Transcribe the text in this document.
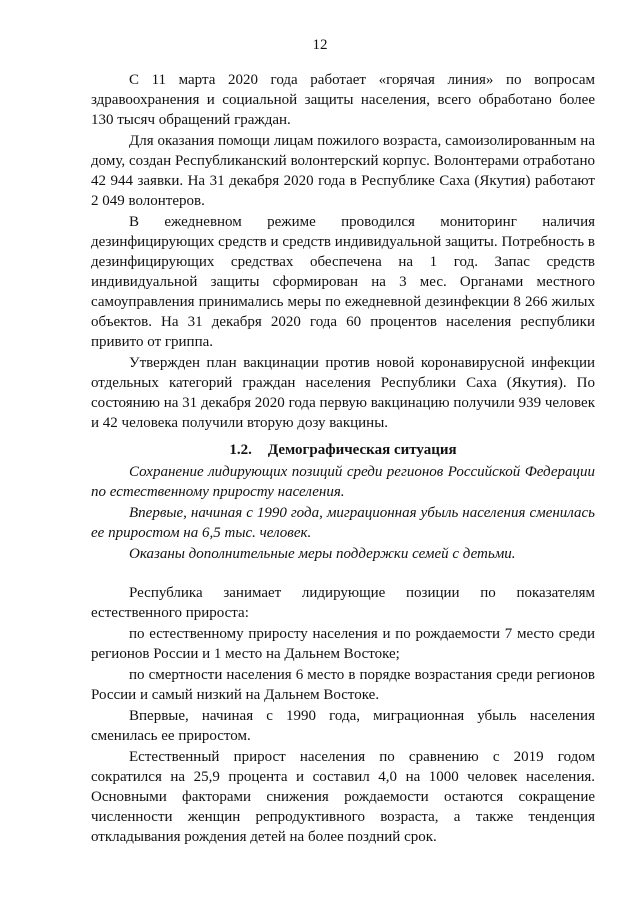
12

С 11 марта 2020 года работает «горячая линия» по вопросам здравоохранения и социальной защиты населения, всего обработано более 130 тысяч обращений граждан.

Для оказания помощи лицам пожилого возраста, самоизолированным на дому, создан Республиканский волонтерский корпус. Волонтерами отработано 42 944 заявки. На 31 декабря 2020 года в Республике Саха (Якутия) работают 2 049 волонтеров.

В ежедневном режиме проводился мониторинг наличия дезинфицирующих средств и средств индивидуальной защиты. Потребность в дезинфицирующих средствах обеспечена на 1 год. Запас средств индивидуальной защиты сформирован на 3 мес. Органами местного самоуправления принимались меры по ежедневной дезинфекции 8 266 жилых объектов. На 31 декабря 2020 года 60 процентов населения республики привито от гриппа.

Утвержден план вакцинации против новой коронавирусной инфекции отдельных категорий граждан населения Республики Саха (Якутия). По состоянию на 31 декабря 2020 года первую вакцинацию получили 939 человек и 42 человека получили вторую дозу вакцины.

1.2. Демографическая ситуация

Сохранение лидирующих позиций среди регионов Российской Федерации по естественному приросту населения.

Впервые, начиная с 1990 года, миграционная убыль населения сменилась ее приростом на 6,5 тыс. человек.

Оказаны дополнительные меры поддержки семей с детьми.

Республика занимает лидирующие позиции по показателям естественного прироста:

по естественному приросту населения и по рождаемости 7 место среди регионов России и 1 место на Дальнем Востоке;

по смертности населения 6 место в порядке возрастания среди регионов России и самый низкий на Дальнем Востоке.

Впервые, начиная с 1990 года, миграционная убыль населения сменилась ее приростом.

Естественный прирост населения по сравнению с 2019 годом сократился на 25,9 процента и составил 4,0 на 1000 человек населения. Основными факторами снижения рождаемости остаются сокращение численности женщин репродуктивного возраста, а также тенденция откладывания рождения детей на более поздний срок.
